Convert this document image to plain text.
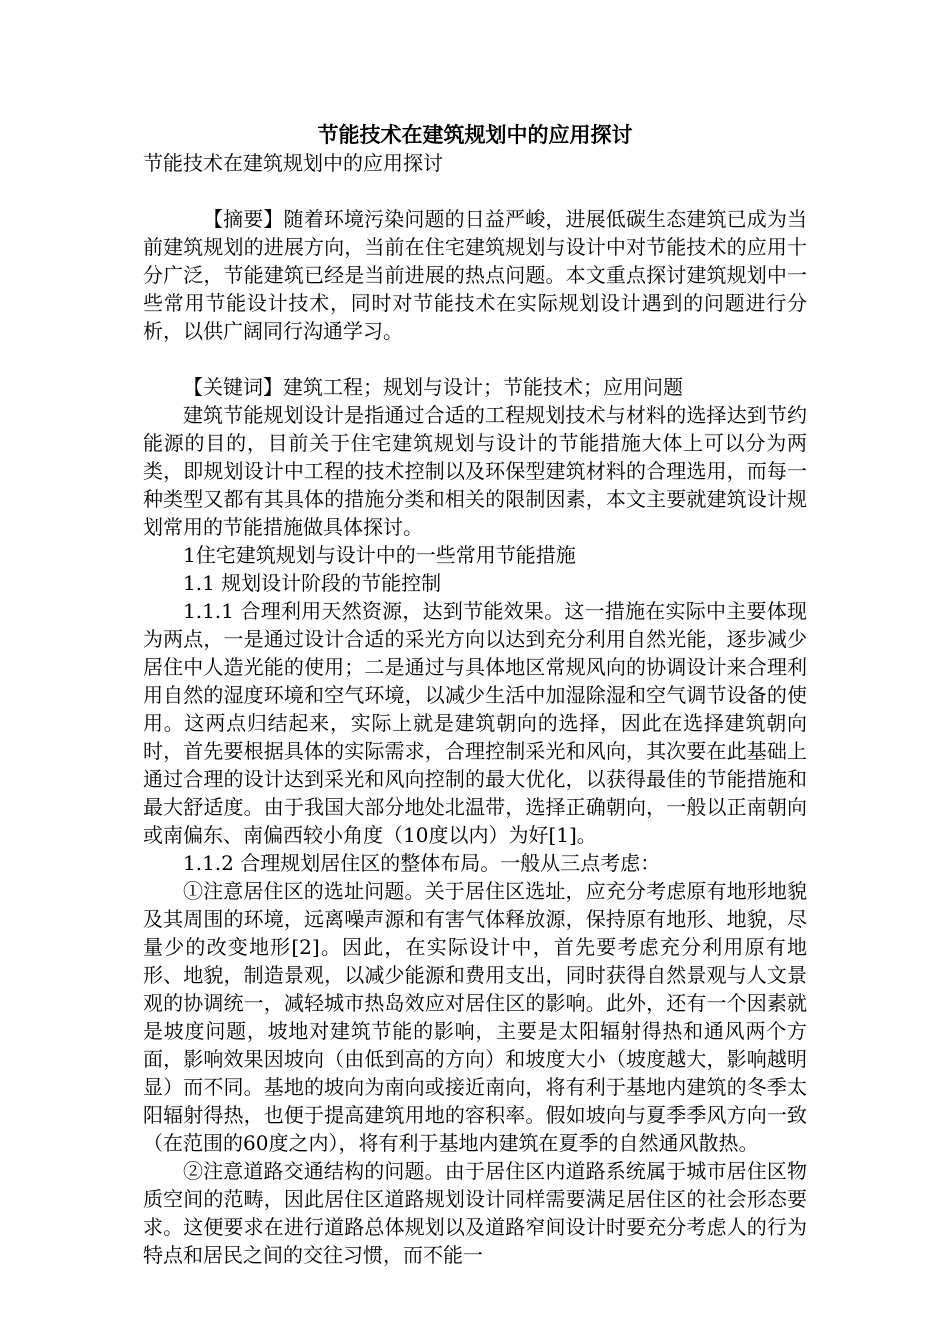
节能技术在建筑规划中的应用探讨

节能技术在建筑规划中的应用探讨

【摘要】随着环境污染问题的日益严峻，进展低碳生态建筑已成为当前建筑规划的进展方向，当前在住宅建筑规划与设计中对节能技术的应用十分广泛，节能建筑已经是当前进展的热点问题。本文重点探讨建筑规划中一些常用节能设计技术，同时对节能技术在实际规划设计遇到的问题进行分析，以供广阔同行沟通学习。

【关键词】建筑工程；规划与设计；节能技术；应用问题

建筑节能规划设计是指通过合适的工程规划技术与材料的选择达到节约能源的目的，目前关于住宅建筑规划与设计的节能措施大体上可以分为两类，即规划设计中工程的技术控制以及环保型建筑材料的合理选用，而每一种类型又都有其具体的措施分类和相关的限制因素，本文主要就建筑设计规划常用的节能措施做具体探讨。

1住宅建筑规划与设计中的一些常用节能措施

1.1 规划设计阶段的节能控制

1.1.1 合理利用天然资源，达到节能效果。这一措施在实际中主要体现为两点，一是通过设计合适的采光方向以达到充分利用自然光能，逐步减少居住中人造光能的使用；二是通过与具体地区常规风向的协调设计来合理利用自然的湿度环境和空气环境，以减少生活中加湿除湿和空气调节设备的使用。这两点归结起来，实际上就是建筑朝向的选择，因此在选择建筑朝向时，首先要根据具体的实际需求，合理控制采光和风向，其次要在此基础上通过合理的设计达到采光和风向控制的最大优化，以获得最佳的节能措施和最大舒适度。由于我国大部分地处北温带，选择正确朝向，一般以正南朝向或南偏东、南偏西较小角度（10度以内）为好[1]。

1.1.2 合理规划居住区的整体布局。一般从三点考虑：

①注意居住区的选址问题。关于居住区选址，应充分考虑原有地形地貌及其周围的环境，远离噪声源和有害气体释放源，保持原有地形、地貌，尽量少的改变地形[2]。因此，在实际设计中，首先要考虑充分利用原有地形、地貌，制造景观，以减少能源和费用支出，同时获得自然景观与人文景观的协调统一，减轻城市热岛效应对居住区的影响。此外，还有一个因素就是坡度问题，坡地对建筑节能的影响，主要是太阳辐射得热和通风两个方面，影响效果因坡向（由低到高的方向）和坡度大小（坡度越大，影响越明显）而不同。基地的坡向为南向或接近南向，将有利于基地内建筑的冬季太阳辐射得热，也便于提高建筑用地的容积率。假如坡向与夏季季风方向一致（在范围的60度之内），将有利于基地内建筑在夏季的自然通风散热。

②注意道路交通结构的问题。由于居住区内道路系统属于城市居住区物质空间的范畴，因此居住区道路规划设计同样需要满足居住区的社会形态要求。这便要求在进行道路总体规划以及道路窄间设计时要充分考虑人的行为特点和居民之间的交往习惯，而不能一
